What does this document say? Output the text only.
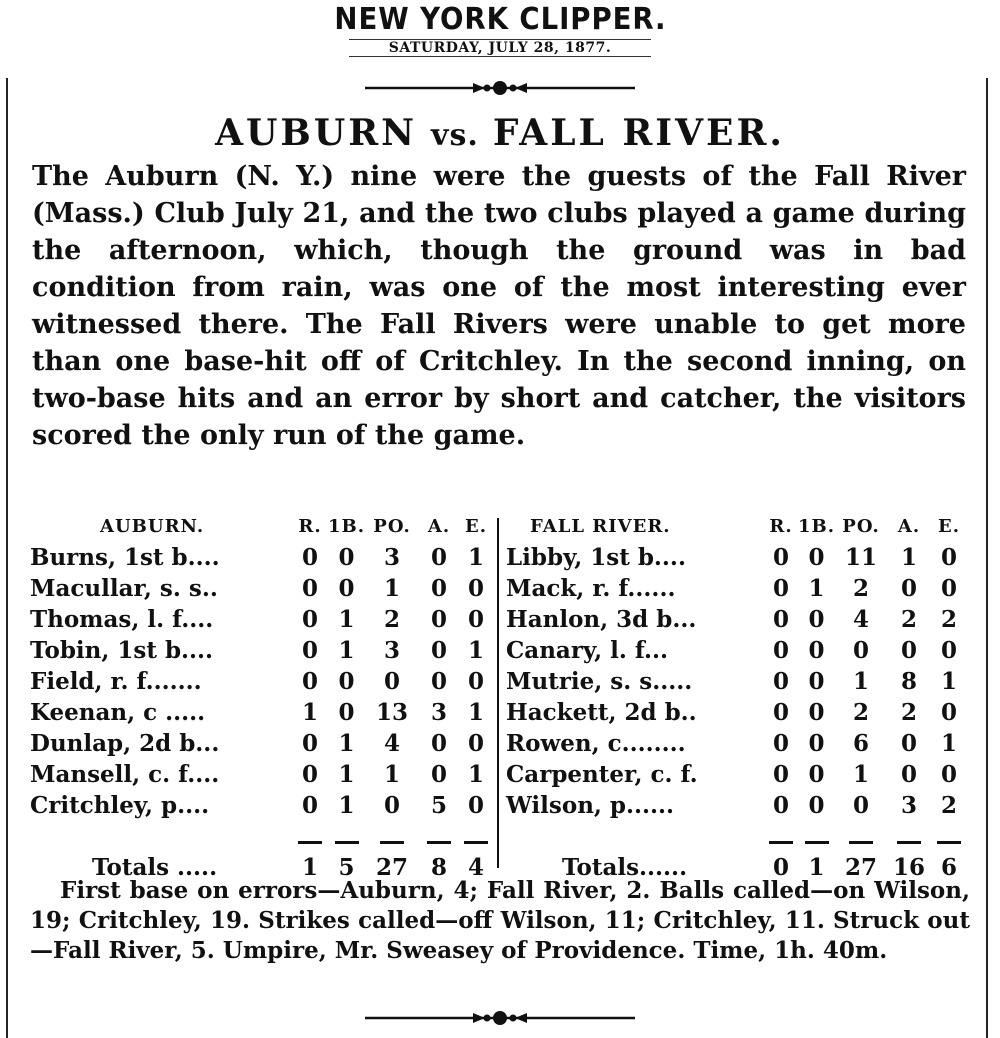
NEW YORK CLIPPER.
SATURDAY, JULY 28, 1877.
AUBURN vs. FALL RIVER.
The Auburn (N. Y.) nine were the guests of the Fall River (Mass.) Club July 21, and the two clubs played a game during the afternoon, which, though the ground was in bad condition from rain, was one of the most interesting ever witnessed there. The Fall Rivers were unable to get more than one base-hit off of Critchley. In the second inning, on two-base hits and an error by short and catcher, the visitors scored the only run of the game.
AUBURN.	R.	1B.	PO.	A.	E.
Burns, 1st b....	0	0	3	0	1
Macullar, s. s..	0	0	1	0	0
Thomas, l. f....	0	1	2	0	0
Tobin, 1st b....	0	1	3	0	1
Field, r. f.......	0	0	0	0	0
Keenan, c .....	1	0	13	3	1
Dunlap, 2d b...	0	1	4	0	0
Mansell, c. f....	0	1	1	0	1
Critchley, p....	0	1	0	5	0

Totals .....	1	5	27	8	4
FALL RIVER.	R.	1B.	PO.	A.	E.
Libby, 1st b....	0	0	11	1	0
Mack, r. f......	0	1	2	0	0
Hanlon, 3d b...	0	0	4	2	2
Canary, l. f...	0	0	0	0	0
Mutrie, s. s.....	0	0	1	8	1
Hackett, 2d b..	0	0	2	2	0
Rowen, c........	0	0	6	0	1
Carpenter, c. f.	0	0	1	0	0
Wilson, p......	0	0	0	3	2

Totals......	0	1	27	16	6

First base on errors—Auburn, 4; Fall River, 2. Balls called—on Wilson, 19; Critchley, 19. Strikes called—off Wilson, 11; Critchley, 11. Struck out—Fall River, 5. Umpire, Mr. Sweasey of Providence. Time, 1h. 40m.
